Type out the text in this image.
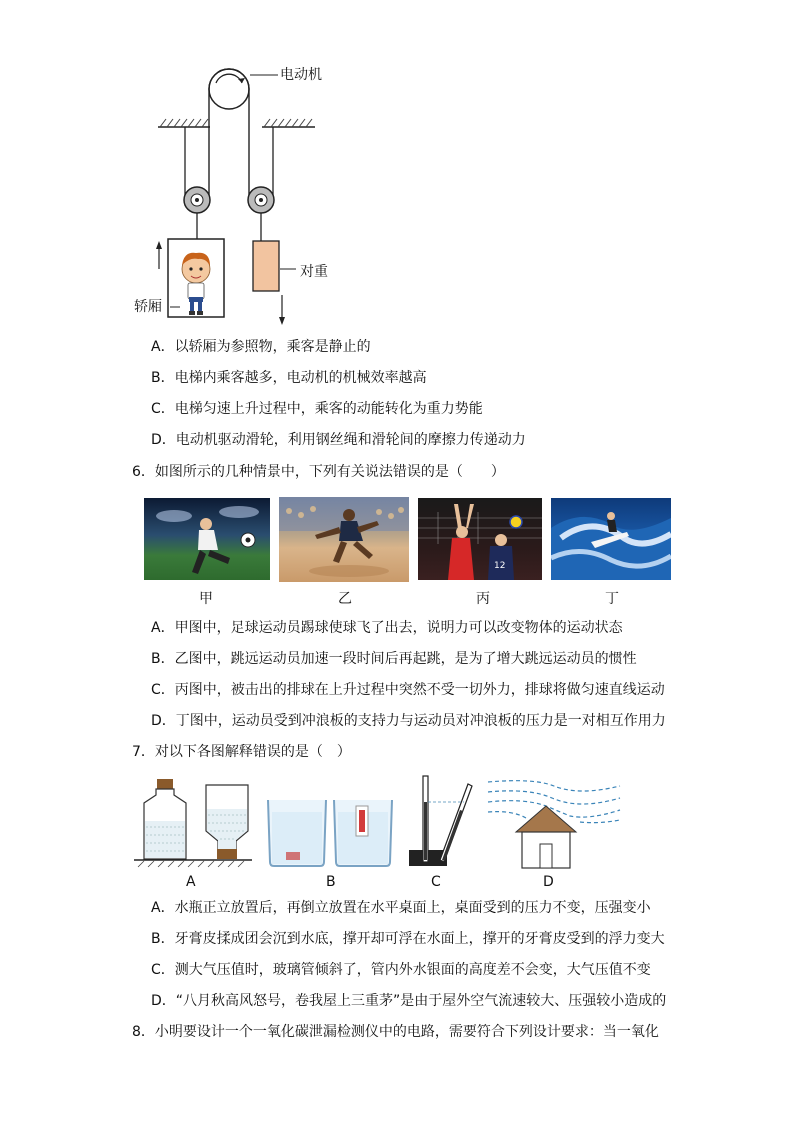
电动机
对重
轿厢
A．以轿厢为参照物，乘客是静止的
B．电梯内乘客越多，电动机的机械效率越高
C．电梯匀速上升过程中，乘客的动能转化为重力势能
D．电动机驱动滑轮，利用钢丝绳和滑轮间的摩擦力传递动力
6．如图所示的几种情景中，下列有关说法错误的是（　　）
12
甲	乙	丙	丁
A．甲图中，足球运动员踢球使球飞了出去，说明力可以改变物体的运动状态
B．乙图中，跳远运动员加速一段时间后再起跳，是为了增大跳远运动员的惯性
C．丙图中，被击出的排球在上升过程中突然不受一切外力，排球将做匀速直线运动
D．丁图中，运动员受到冲浪板的支持力与运动员对冲浪板的压力是一对相互作用力
7．对以下各图解释错误的是（　）
A	B	C	D
A．水瓶正立放置后，再倒立放置在水平桌面上，桌面受到的压力不变，压强变小
B．牙膏皮揉成团会沉到水底，撑开却可浮在水面上，撑开的牙膏皮受到的浮力变大
C．测大气压值时，玻璃管倾斜了，管内外水银面的高度差不会变，大气压值不变
D．“八月秋高风怒号，卷我屋上三重茅”是由于屋外空气流速较大、压强较小造成的
8．小明要设计一个一氧化碳泄漏检测仪中的电路，需要符合下列设计要求：当一氧化
